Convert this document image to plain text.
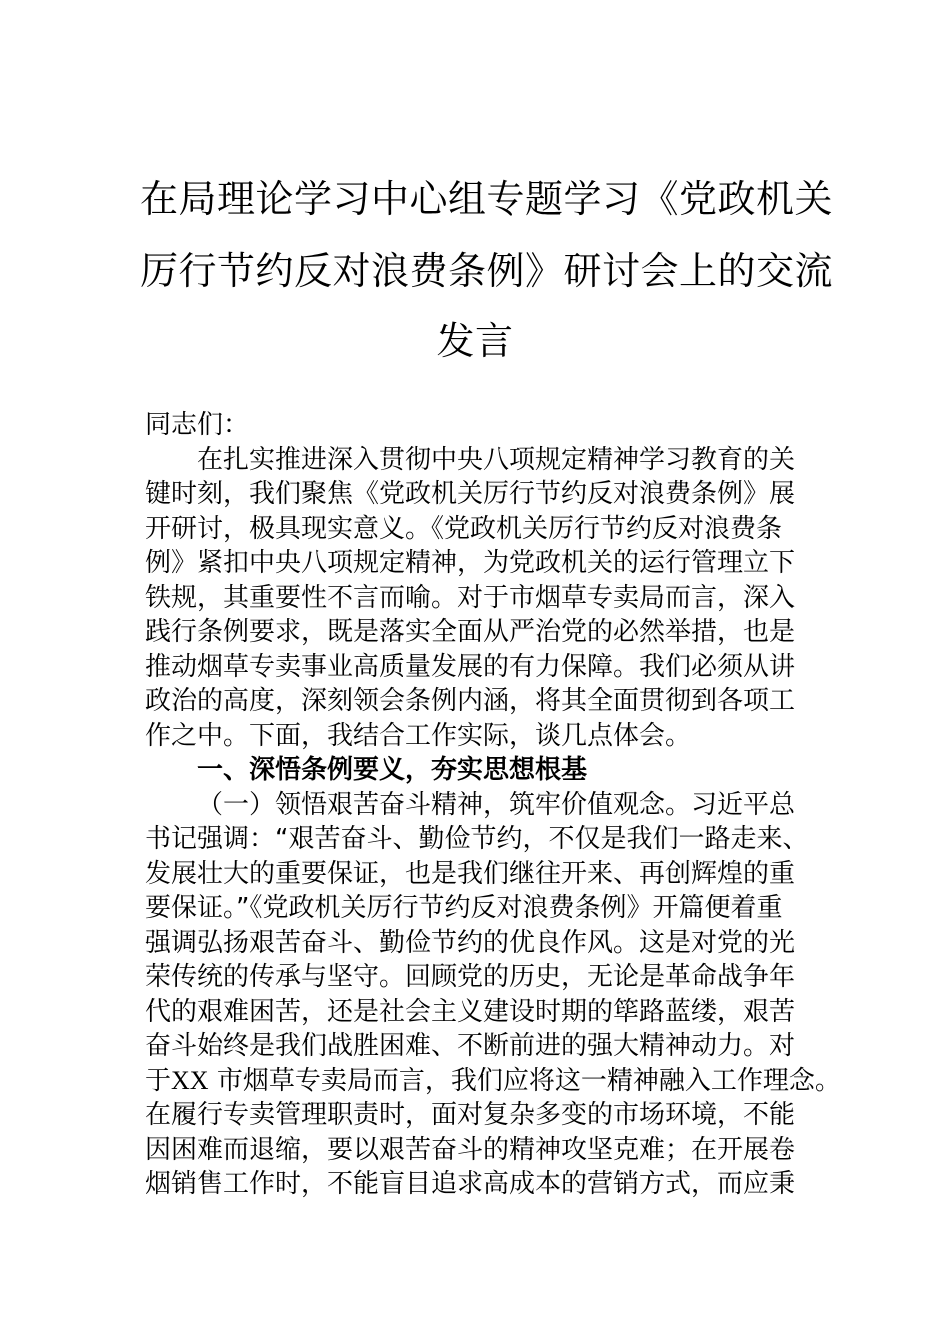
在局理论学习中心组专题学习《党政机关
厉行节约反对浪费条例》研讨会上的交流
发言
同志们：
在扎实推进深入贯彻中央八项规定精神学习教育的关
键时刻，我们聚焦《党政机关厉行节约反对浪费条例》展
开研讨，极具现实意义。《党政机关厉行节约反对浪费条
例》紧扣中央八项规定精神，为党政机关的运行管理立下
铁规，其重要性不言而喻。对于市烟草专卖局而言，深入
践行条例要求，既是落实全面从严治党的必然举措，也是
推动烟草专卖事业高质量发展的有力保障。我们必须从讲
政治的高度，深刻领会条例内涵，将其全面贯彻到各项工
作之中。下面，我结合工作实际，谈几点体会。
一、深悟条例要义，夯实思想根基
（一）领悟艰苦奋斗精神，筑牢价值观念。习近平总
书记强调：“艰苦奋斗、勤俭节约，不仅是我们一路走来、
发展壮大的重要保证，也是我们继往开来、再创辉煌的重
要保证。”《党政机关厉行节约反对浪费条例》开篇便着重
强调弘扬艰苦奋斗、勤俭节约的优良作风。这是对党的光
荣传统的传承与坚守。回顾党的历史，无论是革命战争年
代的艰难困苦，还是社会主义建设时期的筚路蓝缕，艰苦
奋斗始终是我们战胜困难、不断前进的强大精神动力。对
于XX 市烟草专卖局而言，我们应将这一精神融入工作理念。
在履行专卖管理职责时，面对复杂多变的市场环境，不能
因困难而退缩，要以艰苦奋斗的精神攻坚克难；在开展卷
烟销售工作时，不能盲目追求高成本的营销方式，而应秉
